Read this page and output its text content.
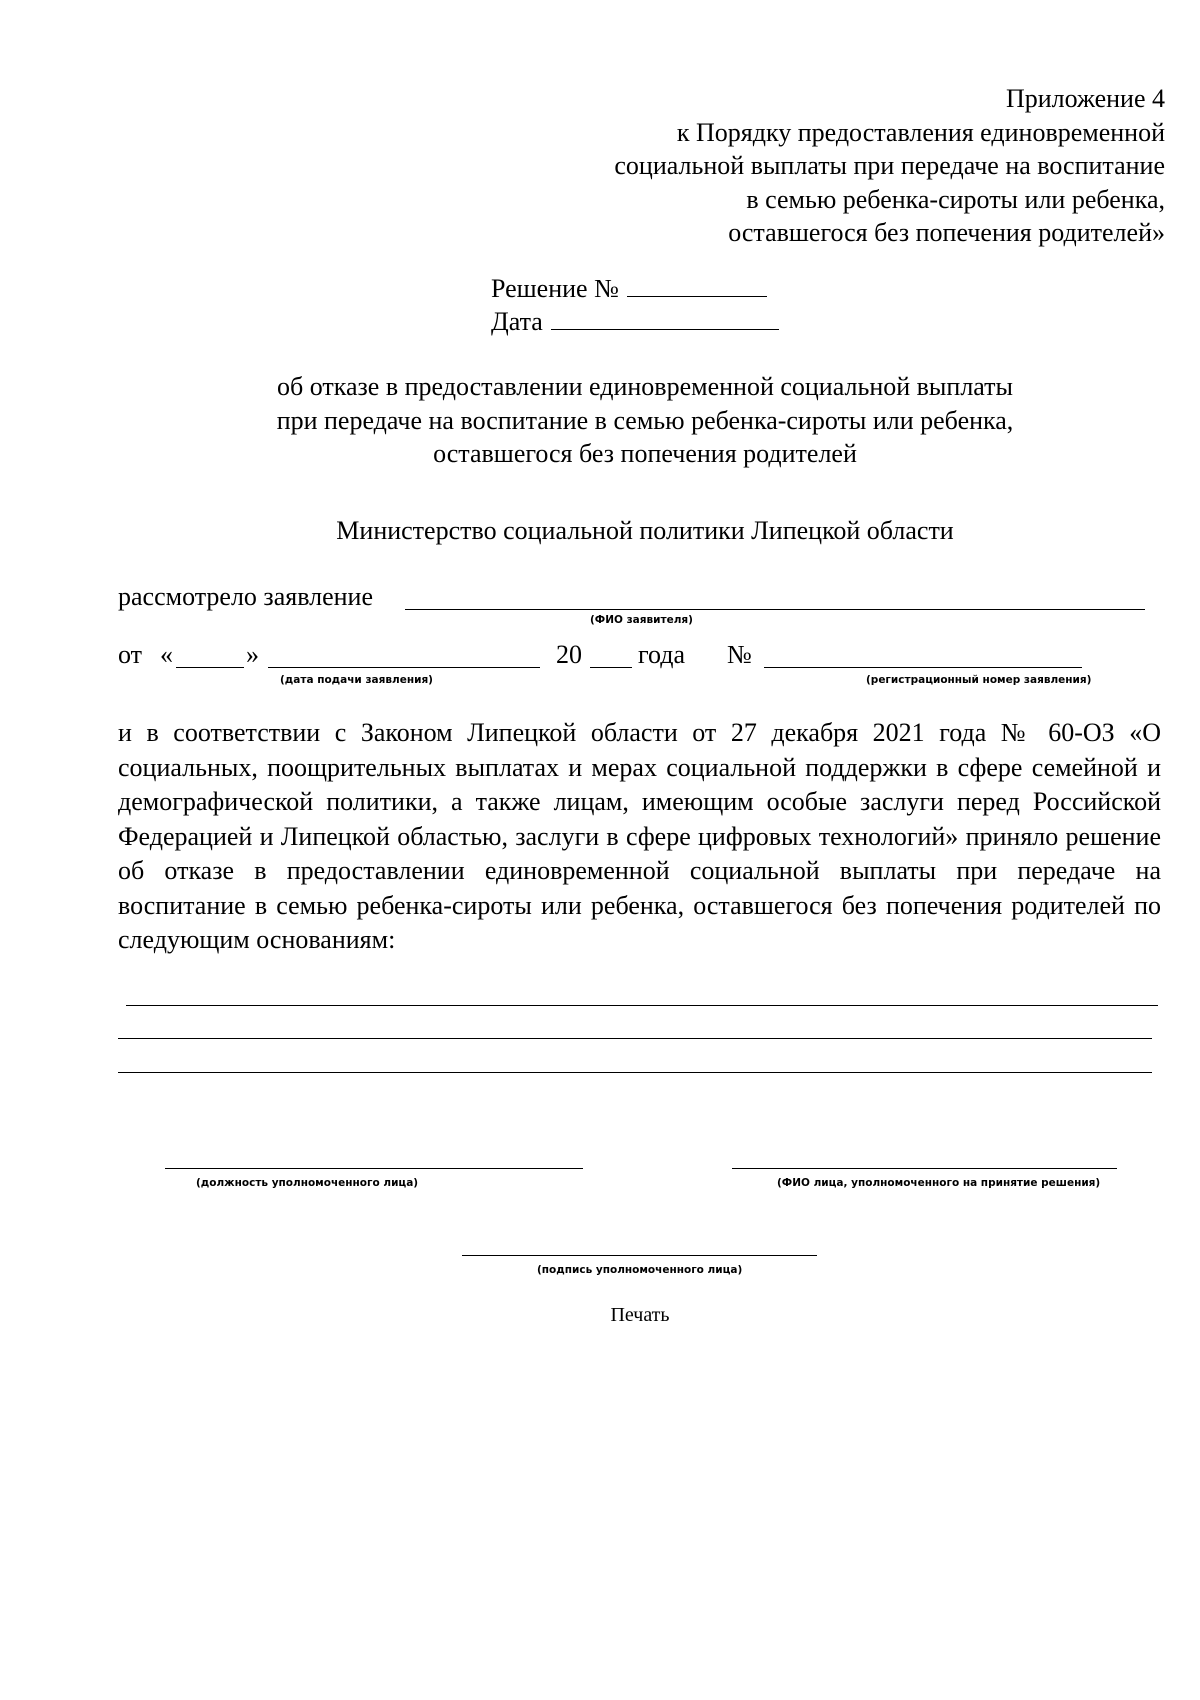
Приложение 4
к Порядку предоставления единовременной
социальной выплаты при передаче на воспитание
в семью ребенка-сироты или ребенка,
оставшегося без попечения родителей»
Решение №
Дата
об отказе в предоставлении единовременной социальной выплаты
при передаче на воспитание в семью ребенка-сироты или ребенка,
оставшегося без попечения родителей
Министерство социальной политики Липецкой области
рассмотрело заявление
(ФИО заявителя)
от «	»
(дата подачи заявления)
20 года №
(регистрационный номер заявления)
и в соответствии с Законом Липецкой области от 27 декабря 2021 года № 60-ОЗ «О социальных, поощрительных выплатах и мерах социальной поддержки в сфере семейной и демографической политики, а также лицам, имеющим особые заслуги перед Российской Федерацией и Липецкой областью, заслуги в сфере цифровых технологий» приняло решение об отказе в предоставлении единовременной социальной выплаты при передаче на воспитание в семью ребенка-сироты или ребенка, оставшегося без попечения родителей по следующим основаниям:
(должность уполномоченного лица)	(ФИО лица, уполномоченного на принятие решения)
(подпись уполномоченного лица)
Печать
